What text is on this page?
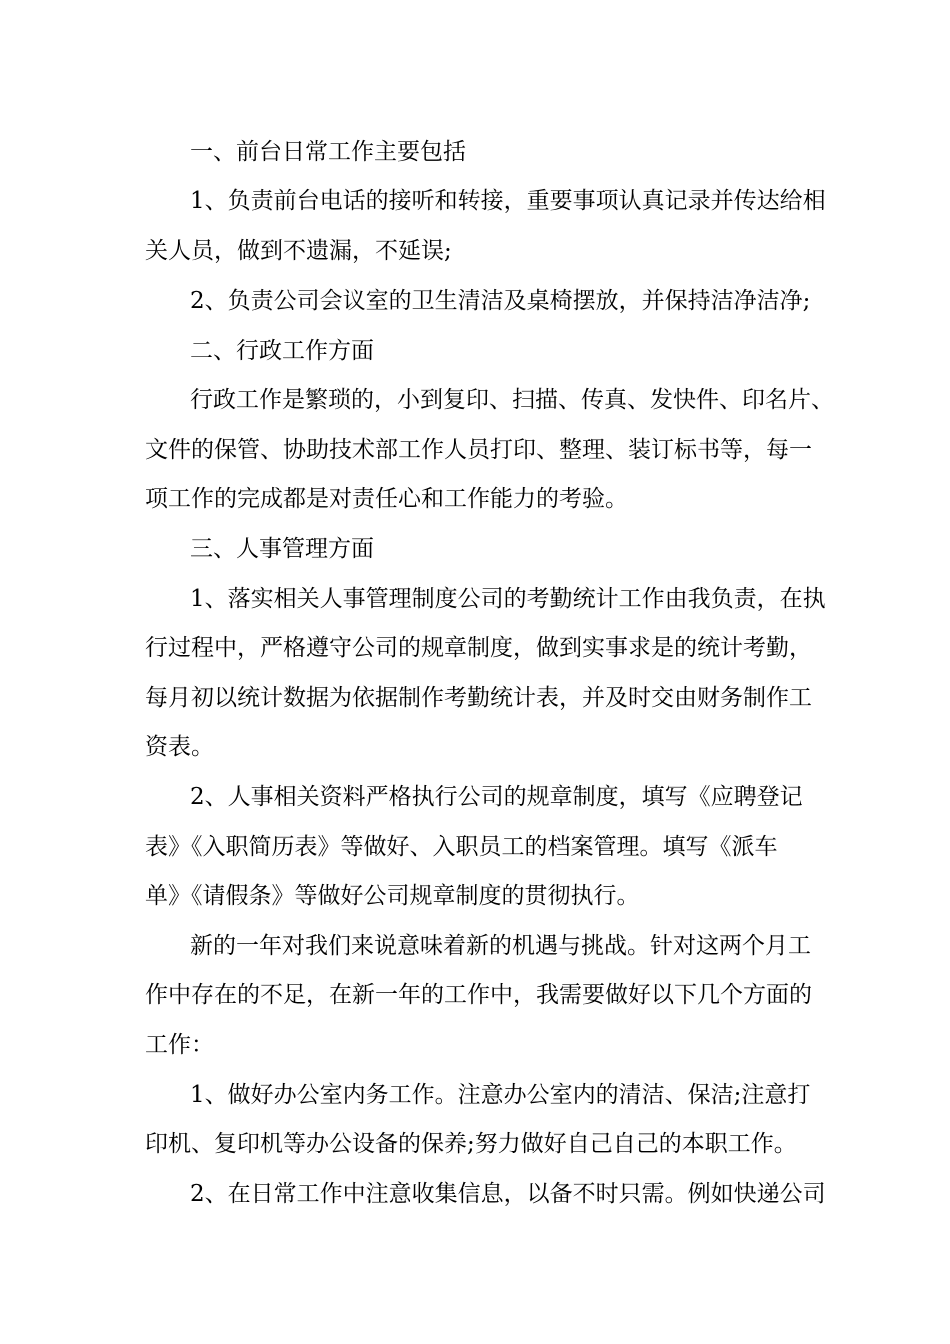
一、前台日常工作主要包括
1、负责前台电话的接听和转接，重要事项认真记录并传达给相
关人员，做到不遗漏，不延误;
2、负责公司会议室的卫生清洁及桌椅摆放，并保持洁净洁净;
二、行政工作方面
行政工作是繁琐的，小到复印、扫描、传真、发快件、印名片、
文件的保管、协助技术部工作人员打印、整理、装订标书等，每一
项工作的完成都是对责任心和工作能力的考验。
三、人事管理方面
1、落实相关人事管理制度公司的考勤统计工作由我负责，在执
行过程中，严格遵守公司的规章制度，做到实事求是的统计考勤，
每月初以统计数据为依据制作考勤统计表，并及时交由财务制作工
资表。
2、人事相关资料严格执行公司的规章制度，填写《应聘登记
表》《入职简历表》等做好、入职员工的档案管理。填写《派车
单》《请假条》等做好公司规章制度的贯彻执行。
新的一年对我们来说意味着新的机遇与挑战。针对这两个月工
作中存在的不足，在新一年的工作中，我需要做好以下几个方面的
工作：
1、做好办公室内务工作。注意办公室内的清洁、保洁;注意打
印机、复印机等办公设备的保养;努力做好自己自己的本职工作。
2、在日常工作中注意收集信息，以备不时只需。例如快递公司
